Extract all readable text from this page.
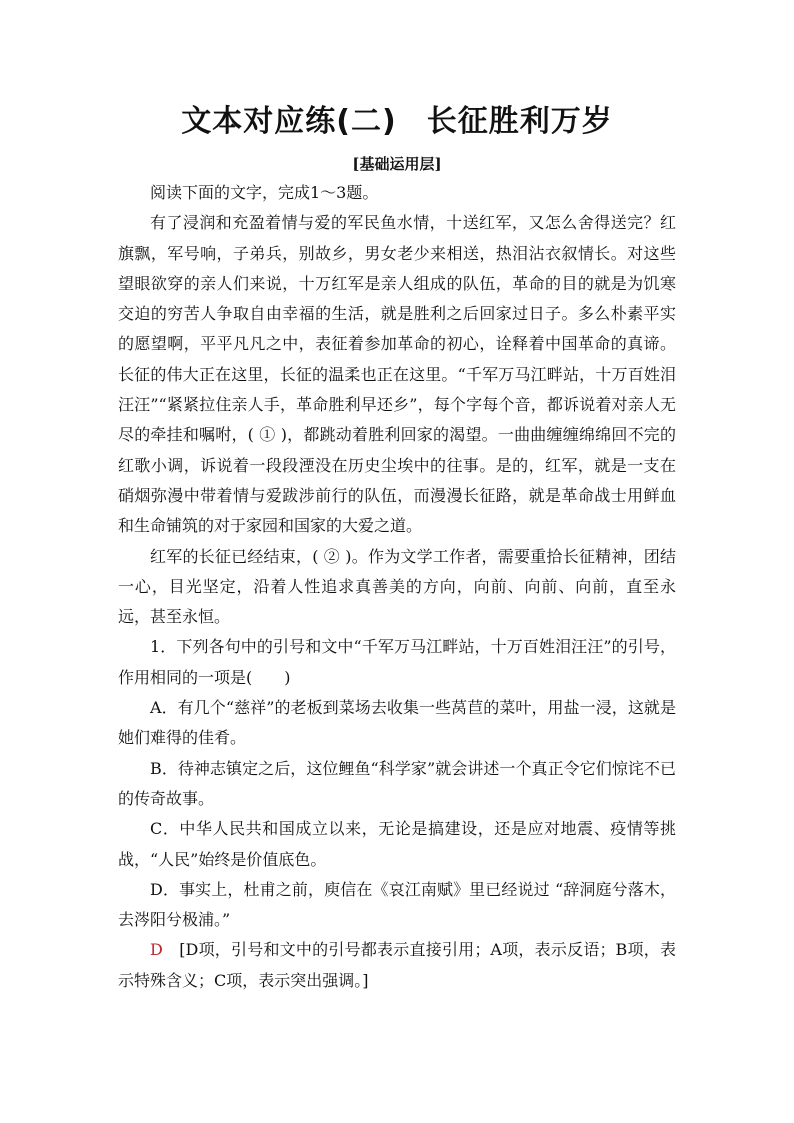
文本对应练(二) 长征胜利万岁
[基础运用层]

阅读下面的文字，完成1～3题。

有了浸润和充盈着情与爱的军民鱼水情，十送红军，又怎么舍得送完？红旗飘，军号响，子弟兵，别故乡，男女老少来相送，热泪沾衣叙情长。对这些望眼欲穿的亲人们来说，十万红军是亲人组成的队伍，革命的目的就是为饥寒交迫的穷苦人争取自由幸福的生活，就是胜利之后回家过日子。多么朴素平实的愿望啊，平平凡凡之中，表征着参加革命的初心，诠释着中国革命的真谛。长征的伟大正在这里，长征的温柔也正在这里。“千军万马江畔站，十万百姓泪汪汪”“紧紧拉住亲人手，革命胜利早还乡”，每个字每个音，都诉说着对亲人无尽的牵挂和嘱咐，( ① )，都跳动着胜利回家的渴望。一曲曲缠缠绵绵回不完的红歌小调，诉说着一段段湮没在历史尘埃中的往事。是的，红军，就是一支在硝烟弥漫中带着情与爱跋涉前行的队伍，而漫漫长征路，就是革命战士用鲜血和生命铺筑的对于家园和国家的大爱之道。

红军的长征已经结束，( ② )。作为文学工作者，需要重拾长征精神，团结一心，目光坚定，沿着人性追求真善美的方向，向前、向前、向前，直至永远，甚至永恒。

1．下列各句中的引号和文中“千军万马江畔站，十万百姓泪汪汪”的引号，作用相同的一项是(　　)

A．有几个“慈祥”的老板到菜场去收集一些莴苣的菜叶，用盐一浸，这就是她们难得的佳肴。

B．待神志镇定之后，这位鲤鱼“科学家”就会讲述一个真正令它们惊诧不已的传奇故事。

C．中华人民共和国成立以来，无论是搞建设，还是应对地震、疫情等挑战，“人民”始终是价值底色。

D．事实上，杜甫之前，庾信在《哀江南赋》里已经说过 “辞洞庭兮落木，去涔阳兮极浦。”

D　 [D项，引号和文中的引号都表示直接引用；A项，表示反语；B项，表示特殊含义；C项，表示突出强调。]
